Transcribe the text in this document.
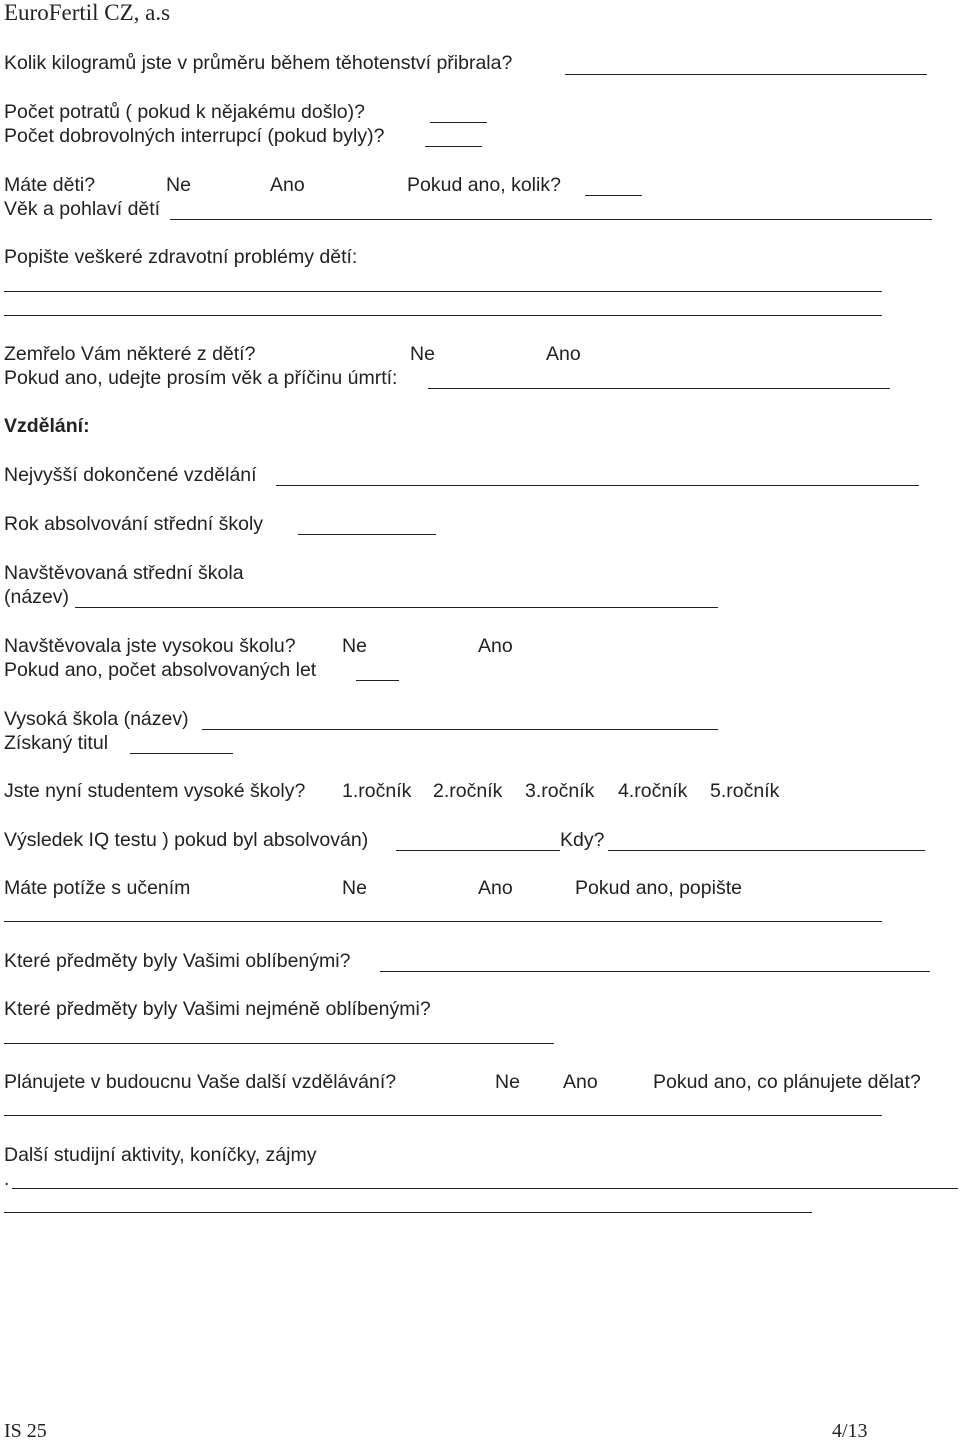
EuroFertil CZ, a.s
Kolik kilogramů jste v průměru během těhotenství přibrala?
Počet potratů ( pokud k nějakému došlo)?
Počet dobrovolných interrupcí (pokud byly)?
Máte děti?	Ne	Ano	Pokud ano, kolik?
Věk a pohlaví dětí
Popište veškeré zdravotní problémy dětí:
Zemřelo Vám některé z dětí?	Ne	Ano
Pokud ano, udejte prosím věk a příčinu úmrtí:
Vzdělání:
Nejvyšší dokončené vzdělání
Rok absolvování střední školy
Navštěvovaná střední škola
(název)
Navštěvovala jste vysokou školu? Ne	Ano
Pokud ano, počet absolvovaných let
Vysoká škola (název)
Získaný titul
Jste nyní studentem vysoké školy? 1.ročník 2.ročník 3.ročník 4.ročník 5.ročník
Výsledek IQ testu ) pokud byl absolvován)	Kdy?
Máte potíže s učením	Ne	Ano	Pokud ano, popište
Které předměty byly Vašimi oblíbenými?
Které předměty byly Vašimi nejméně oblíbenými?
Plánujete v budoucnu Vaše další vzdělávání?	Ne Ano	Pokud ano, co plánujete dělat?
Další studijní aktivity, koníčky, zájmy
.
IS 25	4/13
